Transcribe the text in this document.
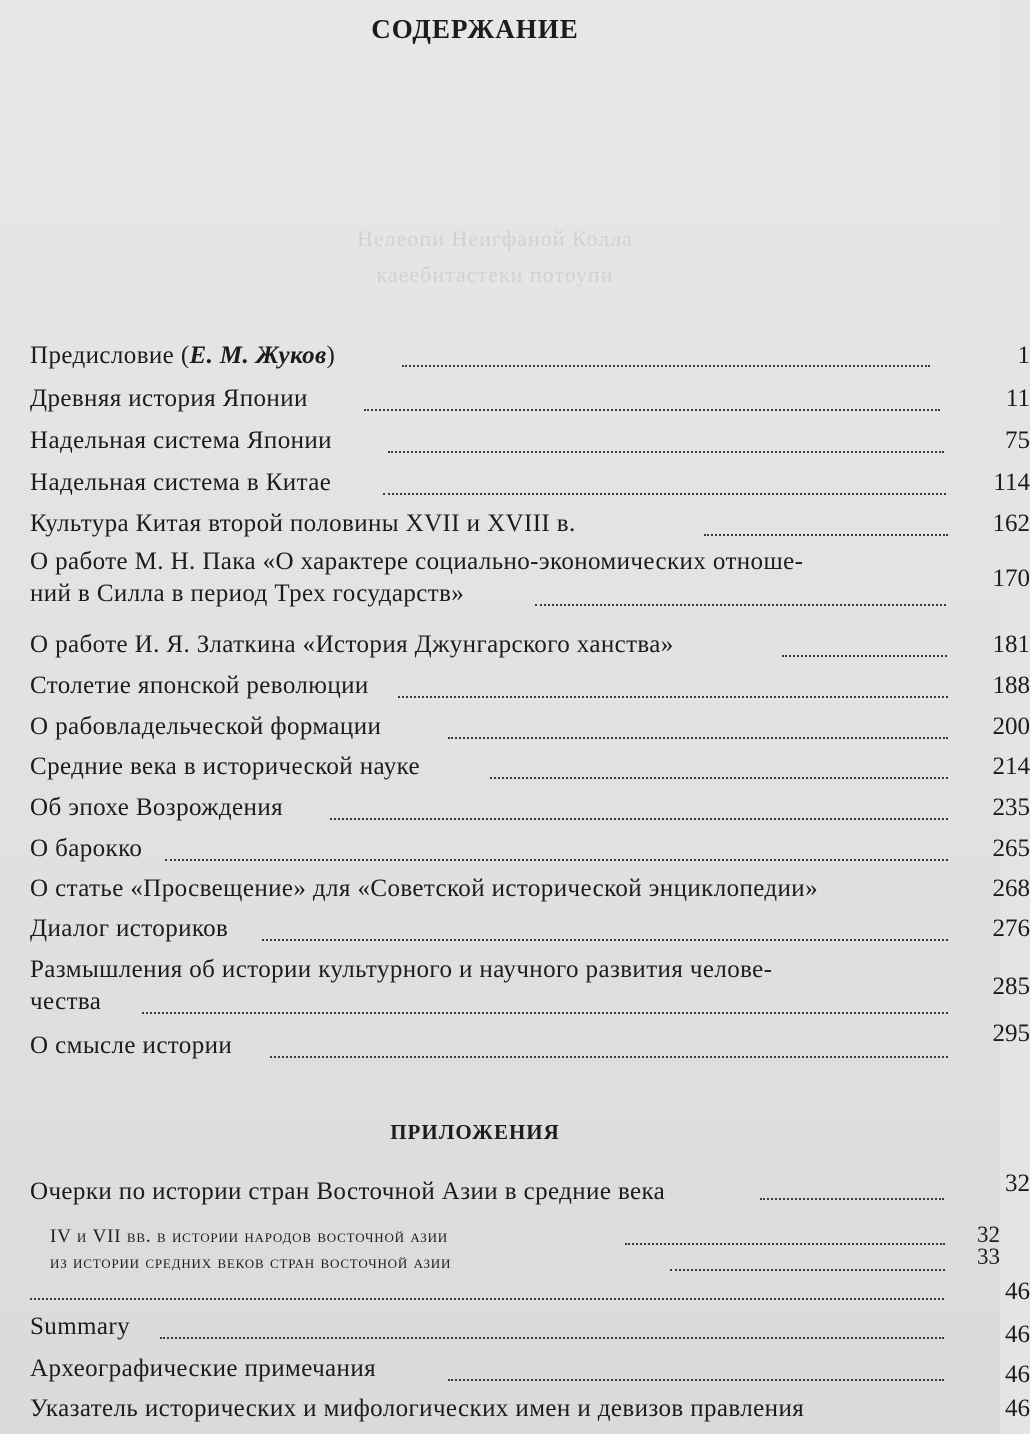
Нелеопи Неигфаной Колла
каеебитастеки потоупи
СОДЕРЖАНИЕ
Предисловие (Е. М. Жуков)	1
Древняя история Японии	11
Надельная система Японии	75
Надельная система в Китае	114
Культура Китая второй половины XVII и XVIII в.	162
О работе М. Н. Пака «О характере социально-экономических отноше-
ний в Силла в период Трех государств»
170
О работе И. Я. Златкина «История Джунгарского ханства»	181
Столетие японской революции	188
О рабовладельческой формации	200
Средние века в исторической науке	214
Об эпохе Возрождения	235
О барокко	265
О статье «Просвещение» для «Советской исторической энциклопедии»	268
Диалог историков	276
Размышления об истории культурного и научного развития челове-
чества
285
О смысле истории	295
ПРИЛОЖЕНИЯ
Очерки по истории стран Восточной Азии в средние века	32
IV и VII вв. в истории народов восточной азии	32
из истории средних веков стран восточной азии	33
46
Summary	46
Археографические примечания	46
Указатель исторических и мифологических имен и девизов правления	46
